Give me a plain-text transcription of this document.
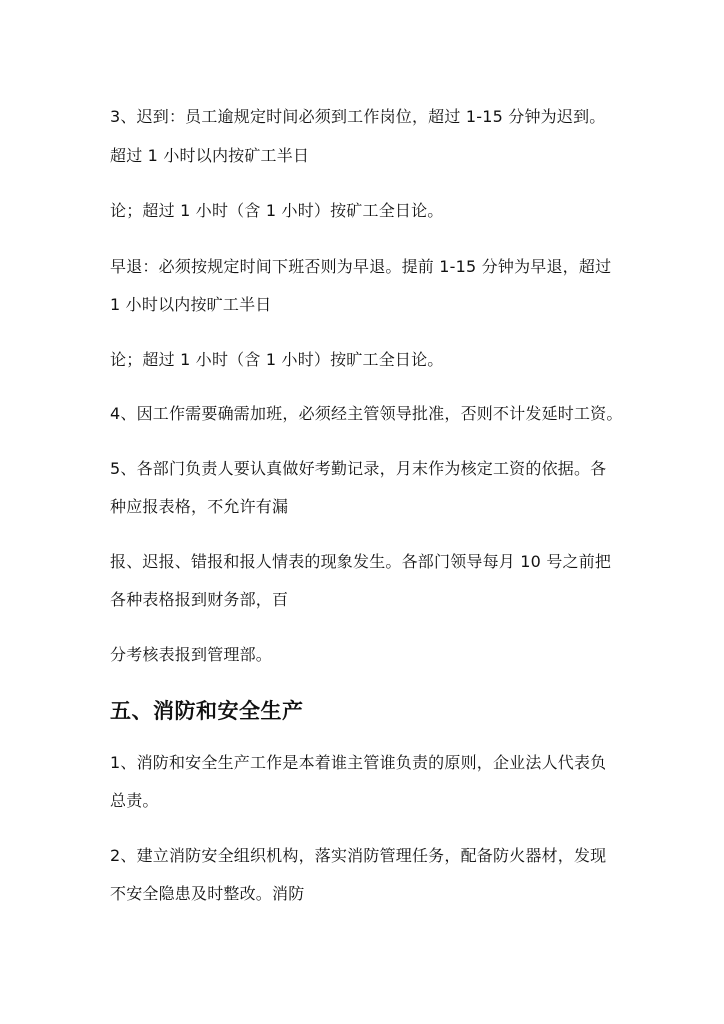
3、迟到：员工逾规定时间必须到工作岗位，超过 1-15 分钟为迟到。
超过 1 小时以内按矿工半日
论；超过 1 小时（含 1 小时）按矿工全日论。
早退：必须按规定时间下班否则为早退。提前 1-15 分钟为早退，超过
1 小时以内按旷工半日
论；超过 1 小时（含 1 小时）按旷工全日论。
4、因工作需要确需加班，必须经主管领导批准，否则不计发延时工资。
5、各部门负责人要认真做好考勤记录，月末作为核定工资的依据。各
种应报表格，不允许有漏
报、迟报、错报和报人情表的现象发生。各部门领导每月 10 号之前把
各种表格报到财务部，百
分考核表报到管理部。
五、消防和安全生产
1、消防和安全生产工作是本着谁主管谁负责的原则，企业法人代表负
总责。
2、建立消防安全组织机构，落实消防管理任务，配备防火器材，发现
不安全隐患及时整改。消防
